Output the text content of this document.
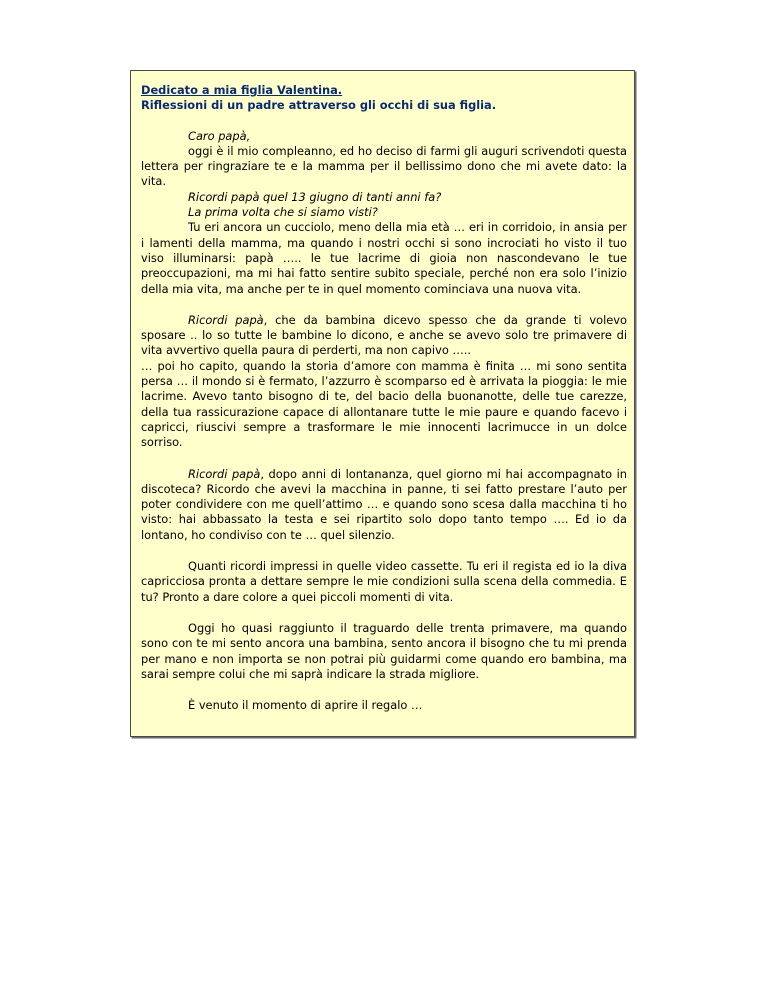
Dedicato a mia figlia Valentina.

Riflessioni di un padre attraverso gli occhi di sua figlia.

Caro papà,

oggi è il mio compleanno, ed ho deciso di farmi gli auguri scrivendoti questa lettera per ringraziare te e la mamma per il bellissimo dono che mi avete dato: la vita.

Ricordi papà quel 13 giugno di tanti anni fa?

La prima volta che si siamo visti?

Tu eri ancora un cucciolo, meno della mia età … eri in corridoio, in ansia per i lamenti della mamma, ma quando i nostri occhi si sono incrociati ho visto il tuo viso illuminarsi: papà ….. le tue lacrime di gioia non nascondevano le tue preoccupazioni, ma mi hai fatto sentire subito speciale, perché non era solo l’inizio della mia vita, ma anche per te in quel momento cominciava una nuova vita.

Ricordi papà, che da bambina dicevo spesso che da grande ti volevo sposare .. lo so tutte le bambine lo dicono, e anche se avevo solo tre primavere di vita avvertivo quella paura di perderti, ma non capivo …..

… poi ho capito, quando la storia d’amore con mamma è finita … mi sono sentita persa … il mondo si è fermato, l’azzurro è scomparso ed è arrivata la pioggia: le mie lacrime. Avevo tanto bisogno di te, del bacio della buonanotte, delle tue carezze, della tua rassicurazione capace di allontanare tutte le mie paure e quando facevo i capricci, riuscivi sempre a trasformare le mie innocenti lacrimucce in un dolce sorriso.

Ricordi papà, dopo anni di lontananza, quel giorno mi hai accompagnato in discoteca? Ricordo che avevi la macchina in panne, ti sei fatto prestare l’auto per poter condividere con me quell’attimo … e quando sono scesa dalla macchina ti ho visto: hai abbassato la testa e sei ripartito solo dopo tanto tempo …. Ed io da lontano, ho condiviso con te … quel silenzio.

Quanti ricordi impressi in quelle video cassette. Tu eri il regista ed io la diva capricciosa pronta a dettare sempre le mie condizioni sulla scena della commedia. E tu? Pronto a dare colore a quei piccoli momenti di vita.

Oggi ho quasi raggiunto il traguardo delle trenta primavere, ma quando sono con te mi sento ancora una bambina, sento ancora il bisogno che tu mi prenda per mano e non importa se non potrai più guidarmi come quando ero bambina, ma sarai sempre colui che mi saprà indicare la strada migliore.

È venuto il momento di aprire il regalo …
